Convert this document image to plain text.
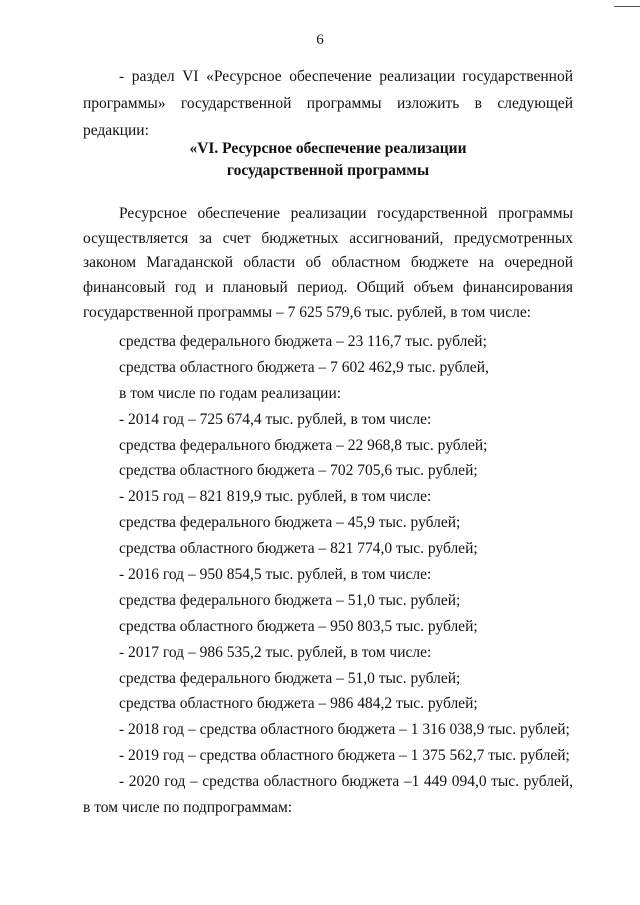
6

- раздел VI «Ресурсное обеспечение реализации государственной программы» государственной программы изложить в следующей редакции:

«VI. Ресурсное обеспечение реализации
государственной программы

Ресурсное обеспечение реализации государственной программы осуществляется за счет бюджетных ассигнований, предусмотренных законом Магаданской области об областном бюджете на очередной финансовый год и плановый период. Общий объем финансирования государственной программы – 7 625 579,6 тыс. рублей, в том числе:

средства федерального бюджета – 23 116,7 тыс. рублей;
средства областного бюджета – 7 602 462,9 тыс. рублей,
в том числе по годам реализации:
- 2014 год – 725 674,4 тыс. рублей, в том числе:
средства федерального бюджета – 22 968,8 тыс. рублей;
средства областного бюджета – 702 705,6 тыс. рублей;
- 2015 год – 821 819,9 тыс. рублей, в том числе:
средства федерального бюджета – 45,9 тыс. рублей;
средства областного бюджета – 821 774,0 тыс. рублей;
- 2016 год – 950 854,5 тыс. рублей, в том числе:
средства федерального бюджета – 51,0 тыс. рублей;
средства областного бюджета – 950 803,5 тыс. рублей;
- 2017 год – 986 535,2 тыс. рублей, в том числе:
средства федерального бюджета – 51,0 тыс. рублей;
средства областного бюджета – 986 484,2 тыс. рублей;
- 2018 год – средства областного бюджета – 1 316 038,9 тыс. рублей;
- 2019 год – средства областного бюджета – 1 375 562,7 тыс. рублей;

- 2020 год – средства областного бюджета –1 449 094,0 тыс. рублей, в том числе по подпрограммам:
